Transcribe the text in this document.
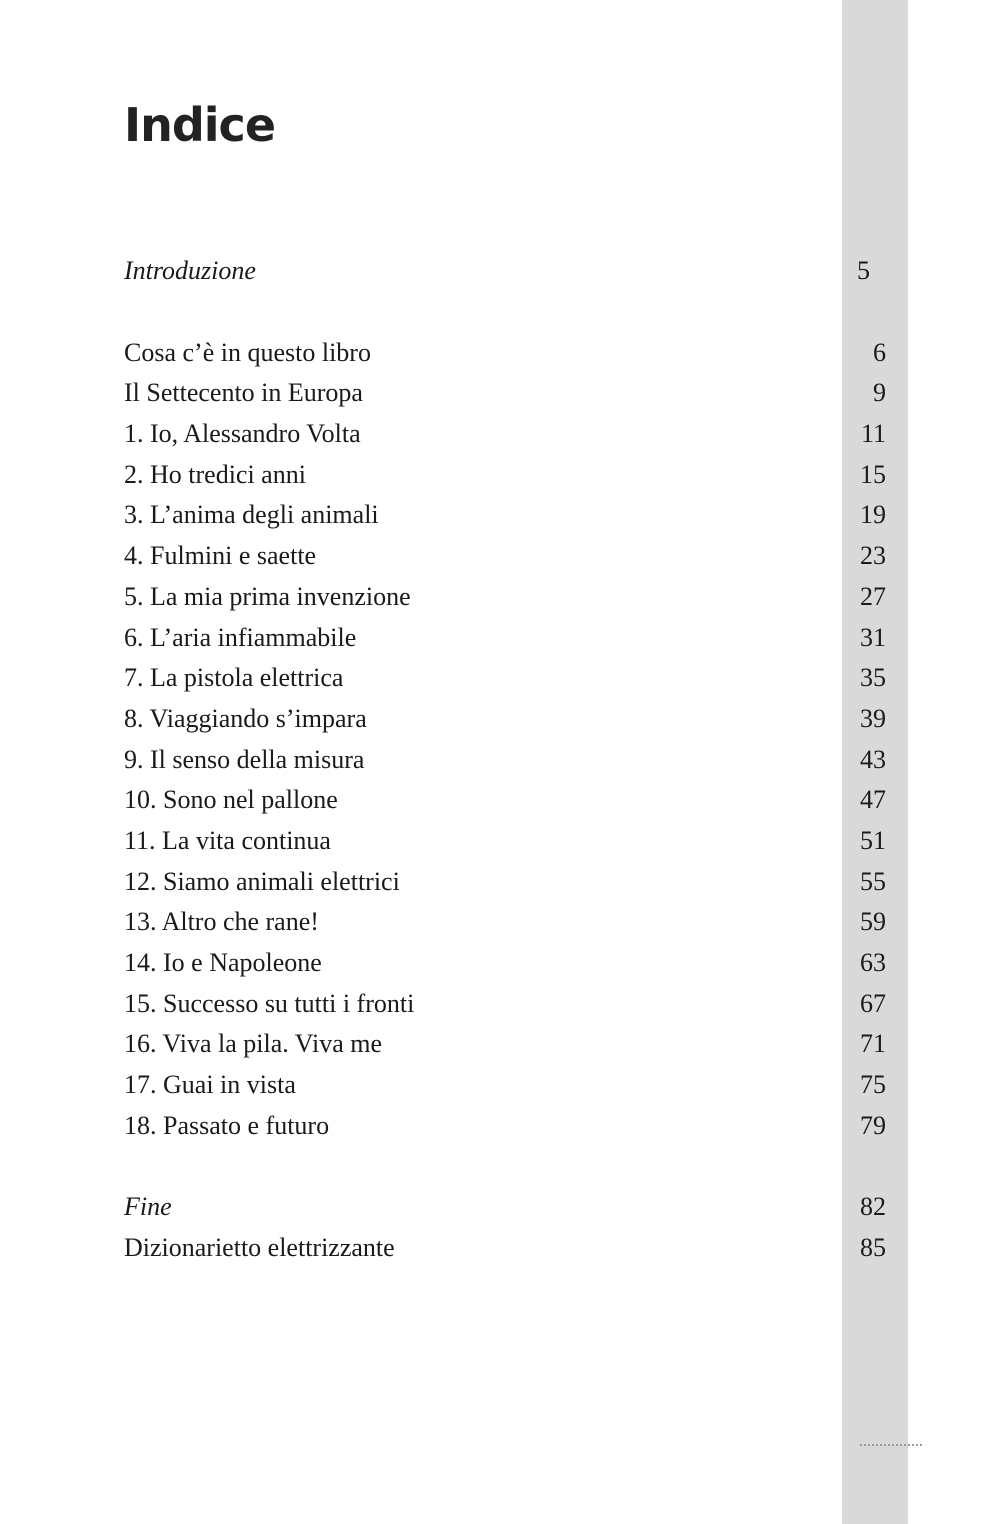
Indice
Introduzione	5
Cosa c’è in questo libro	6
Il Settecento in Europa	9
1. Io, Alessandro Volta	11
2. Ho tredici anni	15
3. L’anima degli animali	19
4. Fulmini e saette	23
5. La mia prima invenzione	27
6. L’aria infiammabile	31
7. La pistola elettrica	35
8. Viaggiando s’impara	39
9. Il senso della misura	43
10. Sono nel pallone	47
11. La vita continua	51
12. Siamo animali elettrici	55
13. Altro che rane!	59
14. Io e Napoleone	63
15. Successo su tutti i fronti	67
16. Viva la pila. Viva me	71
17. Guai in vista	75
18. Passato e futuro	79
Fine	82
Dizionarietto elettrizzante	85
